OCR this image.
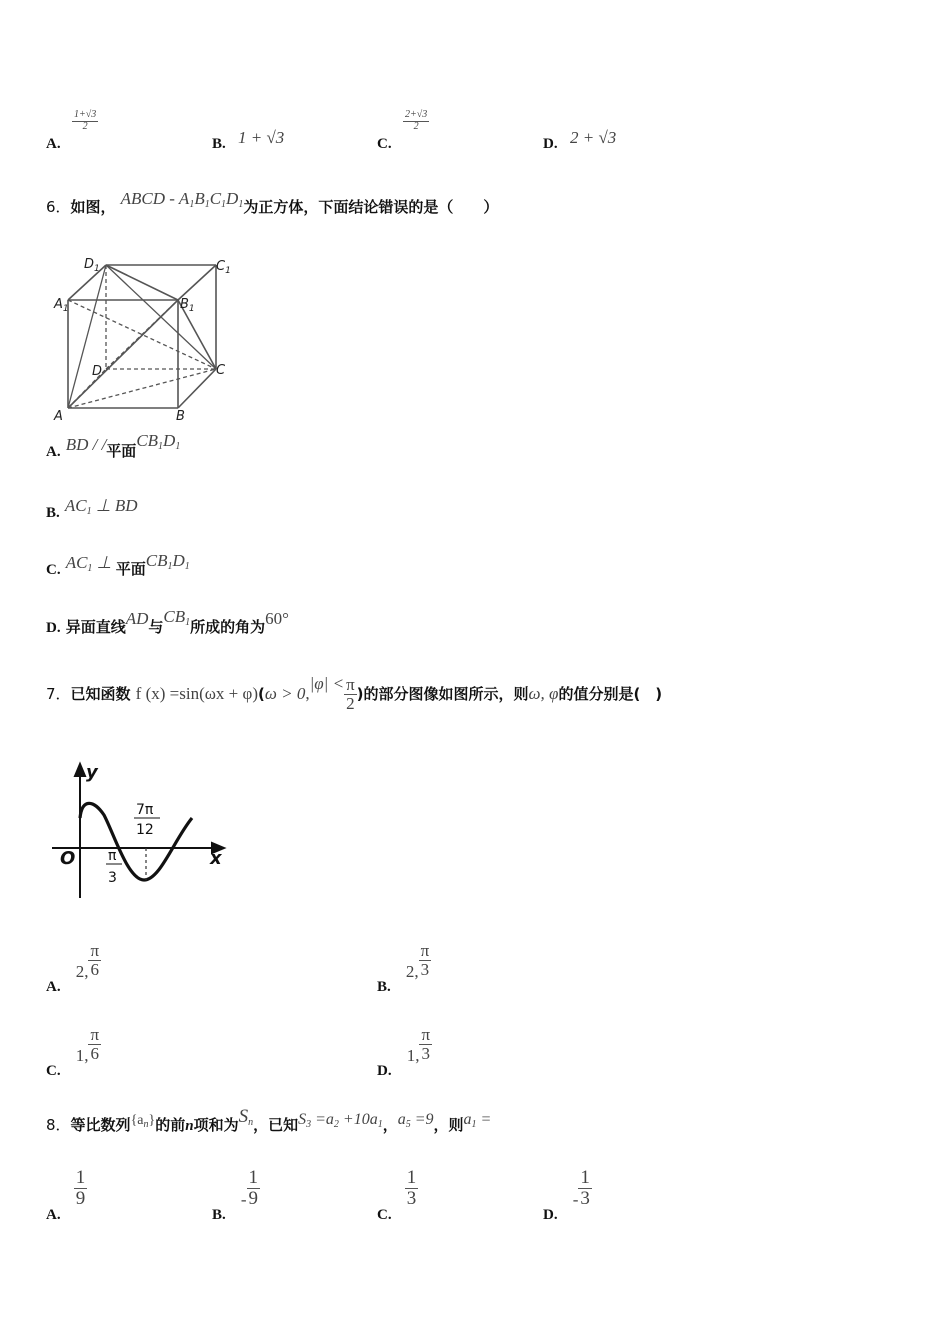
A.
$\frac{1+√3}{2}$
B. 1 + √3	C.
$\frac{2+√3}{2}$
D. 2 + √3
6．如图， ABCD - $A_1B_1C_1D_1$为正方体，下面结论错误的是（　　）
$D_1$	$C_1$
$A_1$	$B_1$
D	C
A	B
A. BD / /平面$CB_1D_1$
B. $AC_1$ ⊥ BD
C. $AC_1$ ⊥ 平面$CB_1D_1$
D. 异面直线AD与$CB_1$所成的角为60°
7．已知函数 f $(x) =\sin(\omega x + \varphi)(\omega > 0,|\varphi| < \frac{\pi}{2}$ )的部分图像如图所示，则ω, φ的值分别是(　)
y
x
O
7π
12
π
3
A. 2, $\frac{\pi}{6}$
B. 2, $\frac{\pi}{3}$
C. 1, $\frac{\pi}{6}$
D. 1, $\frac{\pi}{3}$
8．等比数列$\{a_n\}$的前n项和为$S_n$，已知$S_3 =a_2 +10a_1$，$a_5 =9$，则$a_1$ =
A.
$\frac{1}{9}$
B. - $\frac{1}{9}$
C.
$\frac{1}{3}$
D. - $\frac{1}{3}$
